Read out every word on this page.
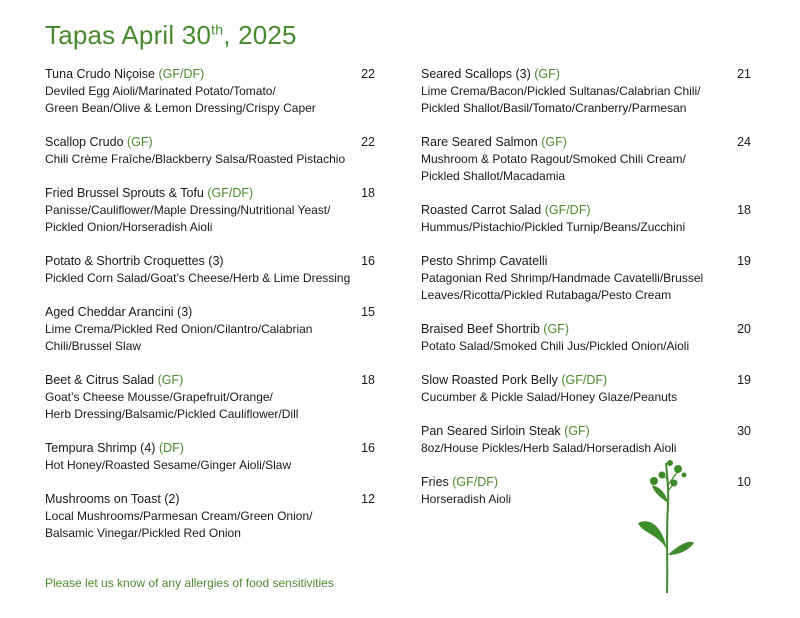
Tapas April 30th, 2025
Tuna Crudo Niçoise (GF/DF)	22
Deviled Egg Aioli/Marinated Potato/Tomato/
Green Bean/Olive & Lemon Dressing/Crispy Caper
Scallop Crudo (GF)	22
Chili Crème Fraîche/Blackberry Salsa/Roasted Pistachio
Fried Brussel Sprouts & Tofu (GF/DF)	18
Panisse/Cauliflower/Maple Dressing/Nutritional Yeast/
Pickled Onion/Horseradish Aioli
Potato & Shortrib Croquettes (3)	16
Pickled Corn Salad/Goat’s Cheese/Herb & Lime Dressing
Aged Cheddar Arancini (3)	15
Lime Crema/Pickled Red Onion/Cilantro/Calabrian
Chili/Brussel Slaw
Beet & Citrus Salad (GF)	18
Goat’s Cheese Mousse/Grapefruit/Orange/
Herb Dressing/Balsamic/Pickled Cauliflower/Dill
Tempura Shrimp (4) (DF)	16
Hot Honey/Roasted Sesame/Ginger Aioli/Slaw
Mushrooms on Toast (2)	12
Local Mushrooms/Parmesan Cream/Green Onion/
Balsamic Vinegar/Pickled Red Onion
Seared Scallops (3) (GF)	21
Lime Crema/Bacon/Pickled Sultanas/Calabrian Chili/
Pickled Shallot/Basil/Tomato/Cranberry/Parmesan
Rare Seared Salmon (GF)	24
Mushroom & Potato Ragout/Smoked Chili Cream/
Pickled Shallot/Macadamia
Roasted Carrot Salad (GF/DF)	18
Hummus/Pistachio/Pickled Turnip/Beans/Zucchini
Pesto Shrimp Cavatelli	19
Patagonian Red Shrimp/Handmade Cavatelli/Brussel
Leaves/Ricotta/Pickled Rutabaga/Pesto Cream
Braised Beef Shortrib (GF)	20
Potato Salad/Smoked Chili Jus/Pickled Onion/Aioli
Slow Roasted Pork Belly (GF/DF)	19
Cucumber & Pickle Salad/Honey Glaze/Peanuts
Pan Seared Sirloin Steak (GF)	30
8oz/House Pickles/Herb Salad/Horseradish Aioli
Fries (GF/DF)	10
Horseradish Aioli
Please let us know of any allergies of food sensitivities
